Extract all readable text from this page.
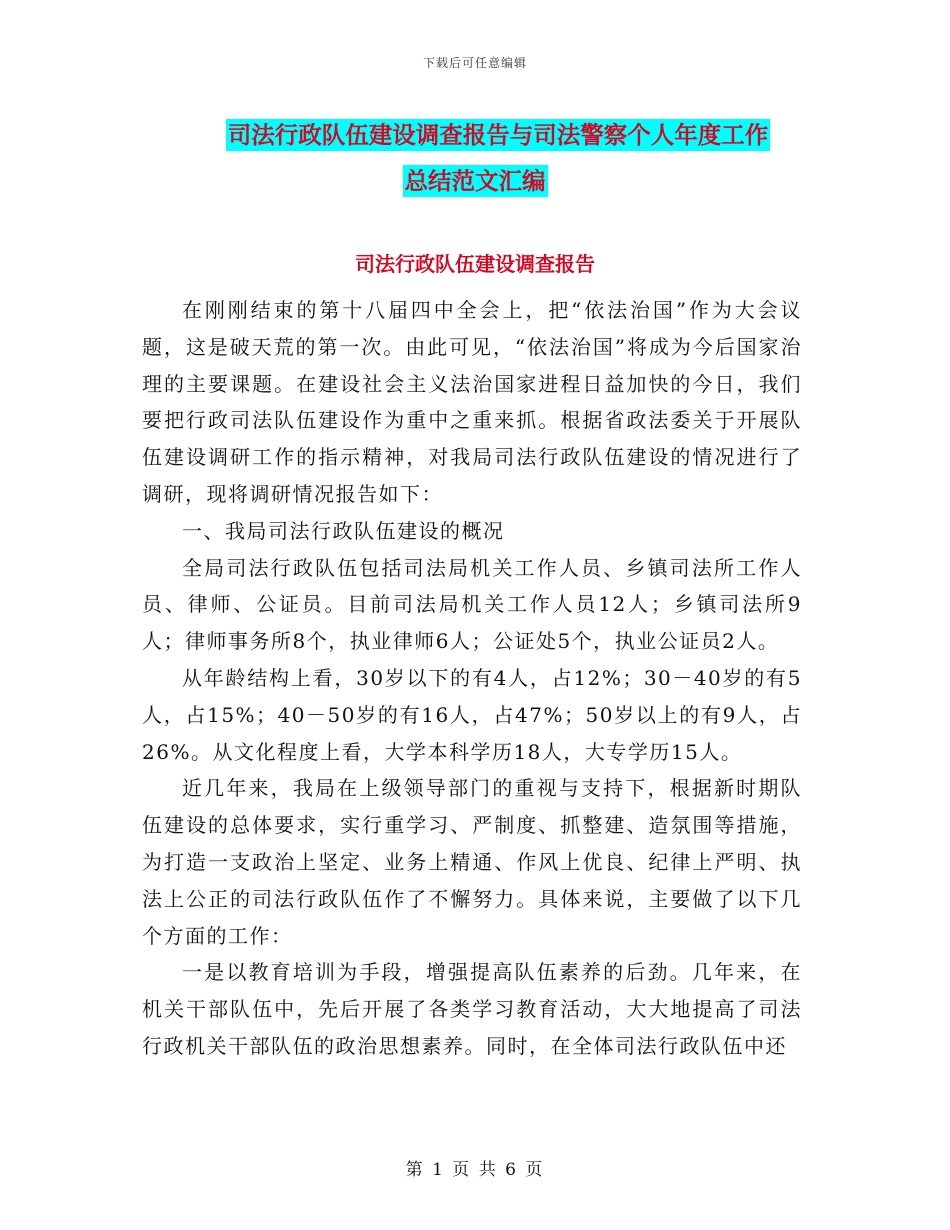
下载后可任意编辑
司法行政队伍建设调查报告与司法警察个人年度工作
总结范文汇编
司法行政队伍建设调查报告

在刚刚结束的第十八届四中全会上，把“依法治国”作为大会议题，这是破天荒的第一次。由此可见，“依法治国”将成为今后国家治理的主要课题。在建设社会主义法治国家进程日益加快的今日，我们要把行政司法队伍建设作为重中之重来抓。根据省政法委关于开展队伍建设调研工作的指示精神，对我局司法行政队伍建设的情况进行了调研，现将调研情况报告如下：

一、我局司法行政队伍建设的概况

全局司法行政队伍包括司法局机关工作人员、乡镇司法所工作人员、律师、公证员。目前司法局机关工作人员12人；乡镇司法所9人；律师事务所8个，执业律师6人；公证处5个，执业公证员2人。

从年龄结构上看，30岁以下的有4人，占12%；30－40岁的有5人，占15%；40－50岁的有16人，占47%；50岁以上的有9人，占26%。从文化程度上看，大学本科学历18人，大专学历15人。

近几年来，我局在上级领导部门的重视与支持下，根据新时期队伍建设的总体要求，实行重学习、严制度、抓整建、造氛围等措施，为打造一支政治上坚定、业务上精通、作风上优良、纪律上严明、执法上公正的司法行政队伍作了不懈努力。具体来说，主要做了以下几个方面的工作：

一是以教育培训为手段，增强提高队伍素养的后劲。几年来，在机关干部队伍中，先后开展了各类学习教育活动，大大地提高了司法行政机关干部队伍的政治思想素养。同时，在全体司法行政队伍中还

第 1 页 共 6 页
